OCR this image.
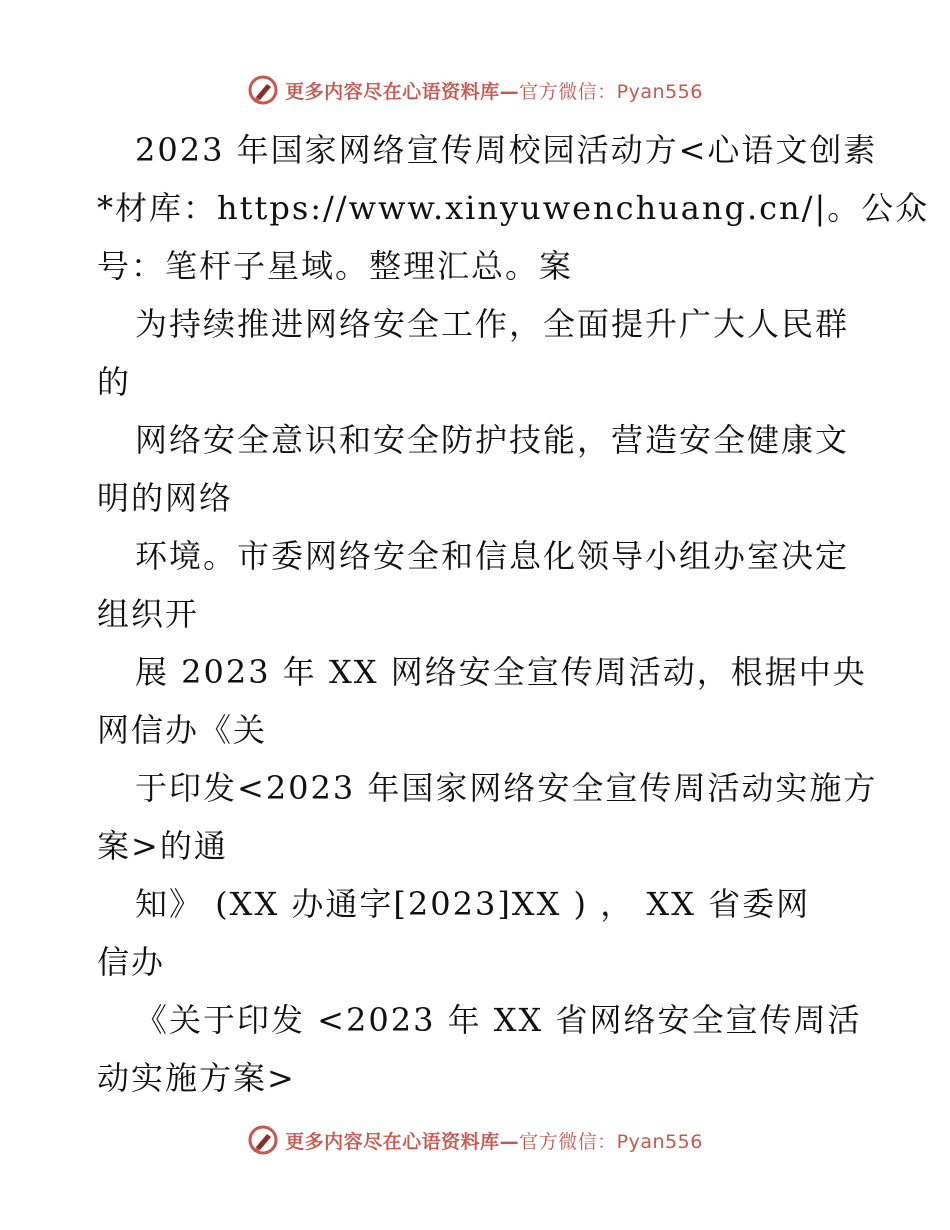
更多内容尽在心语资料库—官方微信：Pyan556
2023 年国家网络宣传周校园活动方<心语文创素
*材库：https://www.xinyuwenchuang.cn/|。公众
号：笔杆子星域。整理汇总。案
为持续推进网络安全工作，全面提升广大人民群
的
网络安全意识和安全防护技能，营造安全健康文
明的网络
环境。市委网络安全和信息化领导小组办室决定
组织开
展 2023 年 XX 网络安全宣传周活动，根据中央
网信办《关
于印发<2023 年国家网络安全宣传周活动实施方
案>的通
知》 (XX 办通字[2023]XX ) ， XX 省委网
信办
《关于印发 <2023 年 XX 省网络安全宣传周活
动实施方案>
更多内容尽在心语资料库—官方微信：Pyan556
